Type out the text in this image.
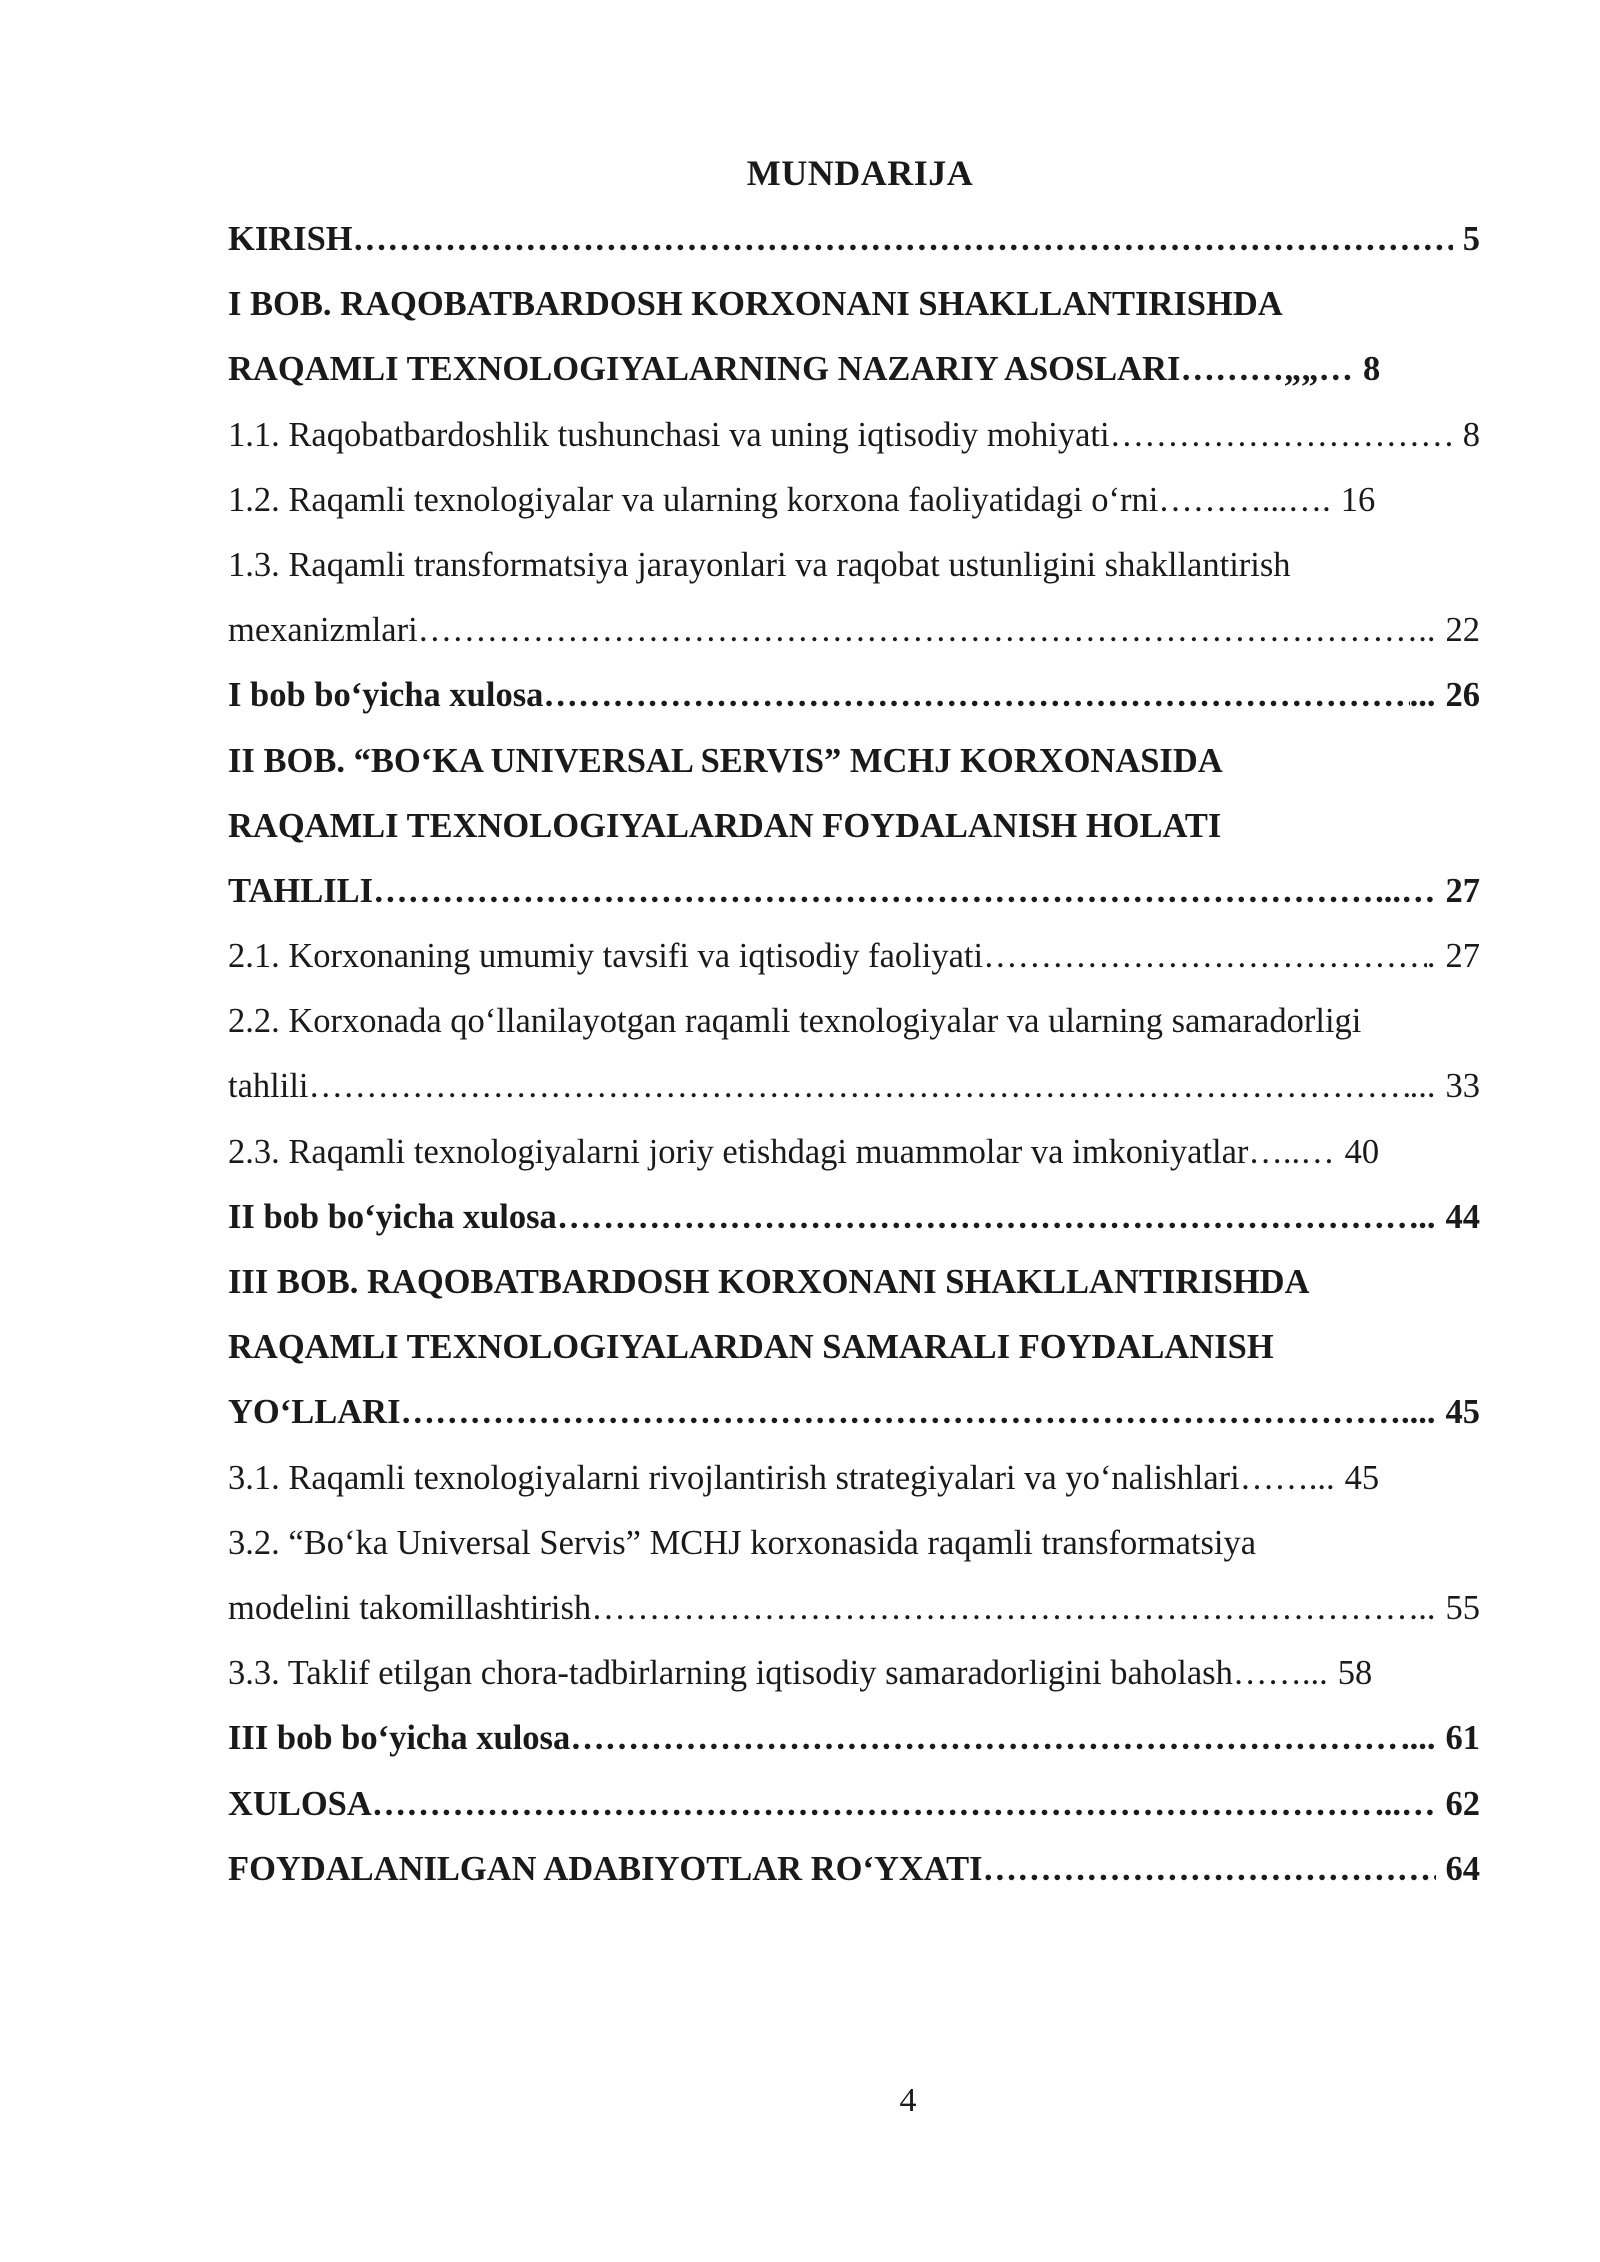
MUNDARIJA
KIRISH …………………………………………………………………………………………………………………………………………………………………………………………………………………………………	5
I BOB. RAQOBATBARDOSH KORXONANI SHAKLLANTIRISHDA
RAQAMLI TEXNOLOGIYALARNING NAZARIY ASOSLARI ………„„… 8
1.1. Raqobatbardoshlik tushunchasi va uning iqtisodiy mohiyati …………………………………………………………………………………………………………………………………………………………………………………………………………………………………	8
1.2. Raqamli texnologiyalar va ularning korxona faoliyatidagi o‘rni ………...…. 16
1.3. Raqamli transformatsiya jarayonlari va raqobat ustunligini shakllantirish
mexanizmlari …………………………………………………………………………………………………………………………………………………………………………………………………………………………………	.. 22
I bob bo‘yicha xulosa …………………………………………………………………………………………………………………………………………………………………………………………………………………………………	... 26
II BOB. “BO‘KA UNIVERSAL SERVIS” MCHJ KORXONASIDA
RAQAMLI TEXNOLOGIYALARDAN FOYDALANISH HOLATI
TAHLILI …………………………………………………………………………………………………………………………………………………………………………………………………………………………………	...… 27
2.1. Korxonaning umumiy tavsifi va iqtisodiy faoliyati …………………………………………………………………………………………………………………………………………………………………………………………………………………………………	. 27
2.2. Korxonada qo‘llanilayotgan raqamli texnologiyalar va ularning samaradorligi
tahlili …………………………………………………………………………………………………………………………………………………………………………………………………………………………………	... 33
2.3. Raqamli texnologiyalarni joriy etishdagi muammolar va imkoniyatlar …..… 40
II bob bo‘yicha xulosa …………………………………………………………………………………………………………………………………………………………………………………………………………………………………	.. 44
III BOB. RAQOBATBARDOSH KORXONANI SHAKLLANTIRISHDA
RAQAMLI TEXNOLOGIYALARDAN SAMARALI FOYDALANISH
YO‘LLARI …………………………………………………………………………………………………………………………………………………………………………………………………………………………………	.... 45
3.1. Raqamli texnologiyalarni rivojlantirish strategiyalari va yo‘nalishlari ……... 45
3.2. “Bo‘ka Universal Servis” MCHJ korxonasida raqamli transformatsiya
modelini takomillashtirish …………………………………………………………………………………………………………………………………………………………………………………………………………………………………	.. 55
3.3. Taklif etilgan chora-tadbirlarning iqtisodiy samaradorligini baholash ……... 58
III bob bo‘yicha xulosa …………………………………………………………………………………………………………………………………………………………………………………………………………………………………	.... 61
XULOSA …………………………………………………………………………………………………………………………………………………………………………………………………………………………………	...… 62
FOYDALANILGAN ADABIYOTLAR RO‘YXATI …………………………………………………………………………………………………………………………………………………………………………………………………………………………………	64
4
